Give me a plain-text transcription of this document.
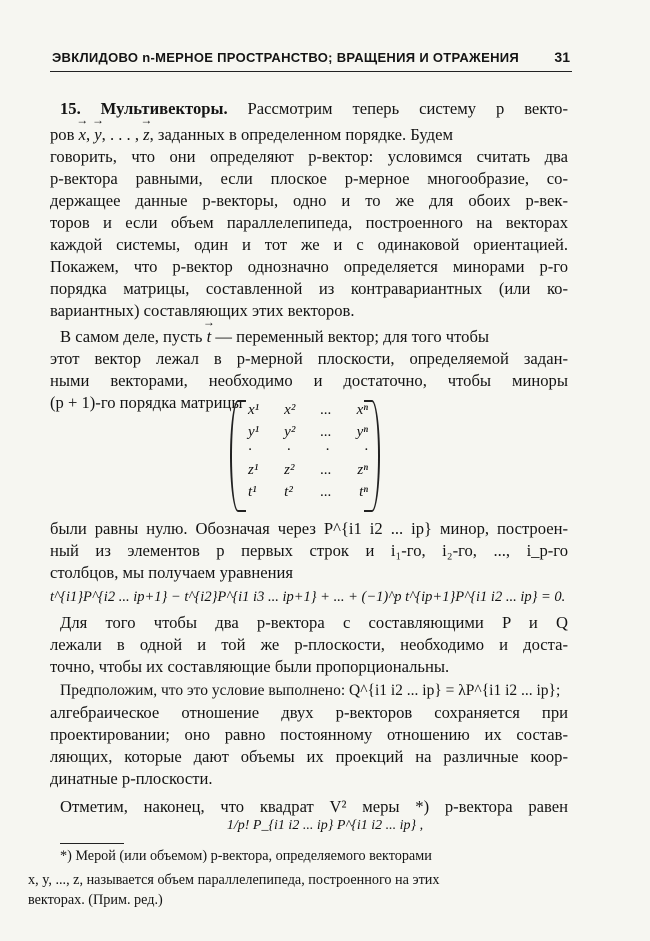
ЭВКЛИДОВО n-МЕРНОЕ ПРОСТРАНСТВО; ВРАЩЕНИЯ И ОТРАЖЕНИЯ	31
15. Мультивекторы. Рассмотрим теперь систему p векто-
ров → x, → y, . . . , → z, заданных в определенном порядке. Будем
говорить, что они определяют p-вектор: условимся считать два
p-вектора равными, если плоское p-мерное многообразие, со-
держащее данные p-векторы, одно и то же для обоих p-век-
торов и если объем параллелепипеда, построенного на векторах
каждой системы, один и тот же и с одинаковой ориентацией.
Покажем, что p-вектор однозначно определяется минорами p-го
порядка матрицы, составленной из контравариантных (или ко-
вариантных) составляющих этих векторов.
В самом деле, пусть → t — переменный вектор; для того чтобы
этот вектор лежал в p-мерной плоскости, определяемой задан-
ными векторами, необходимо и достаточно, чтобы миноры
(p + 1)-го порядка матрицы x¹ x² ... xⁿ
y¹ y² ... yⁿ
· · · ·
z¹ z² ... zⁿ
t¹ t² ... tⁿ
были равны нулю. Обозначая через P^{i1 i2 ... ip} минор, построен-
ный из элементов p первых строк и i₁-го, i₂-го, ..., i_p-го
столбцов, мы получаем уравнения
t^{i1}P^{i2 ... ip+1} − t^{i2}P^{i1 i3 ... ip+1} + ... + (−1)^p t^{ip+1}P^{i1 i2 ... ip} = 0.
Для того чтобы два p-вектора с составляющими P и Q
лежали в одной и той же p-плоскости, необходимо и доста-
точно, чтобы их составляющие были пропорциональны.
Предположим, что это условие выполнено: Q^{i1 i2 ... ip} = λP^{i1 i2 ... ip};
алгебраическое отношение двух p-векторов сохраняется при
проектировании; оно равно постоянному отношению их состав-
ляющих, которые дают объемы их проекций на различные коор-
динатные p-плоскости.
Отметим, наконец, что квадрат V² меры *) p-вектора равен
1/p! P_{i1 i2 ... ip} P^{i1 i2 ... ip} ,
*) Мерой (или объемом) p-вектора, определяемого векторами
x, y, ..., z, называется объем параллелепипеда, построенного на этих
векторах. (Прим. ред.)
